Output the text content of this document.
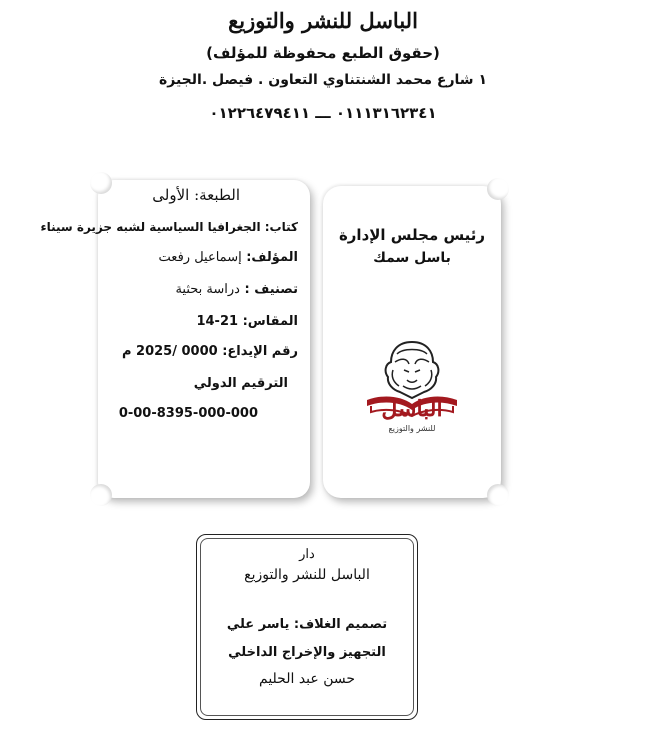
الباسل للنشر والتوزيع
(حقوق الطبع محفوظة للمؤلف)
١ شارع محمد الشنتناوي التعاون . فيصل .الجيزة
٠١١١٣١٦٢٣٤١ ـــ ٠١٢٢٦٤٧٩٤١١
الطبعة: الأولى
كتاب: الجغرافيا السياسية لشبه جزيرة سيناء
المؤلف: إسماعيل رفعت
تصنيف : دراسة بحثية
المقاس: 21-14
رقم الإيداع: 0000 /2025 م
الترقيم الدولي
0-00-8395-000-000
رئيس مجلس الإدارة
باسل سمك
الباسل
للنشر والتوزيع
دار
الباسل للنشر والتوزيع
تصميم الغلاف: ياسر علي
التجهيز والإخراج الداخلي
حسن عبد الحليم
